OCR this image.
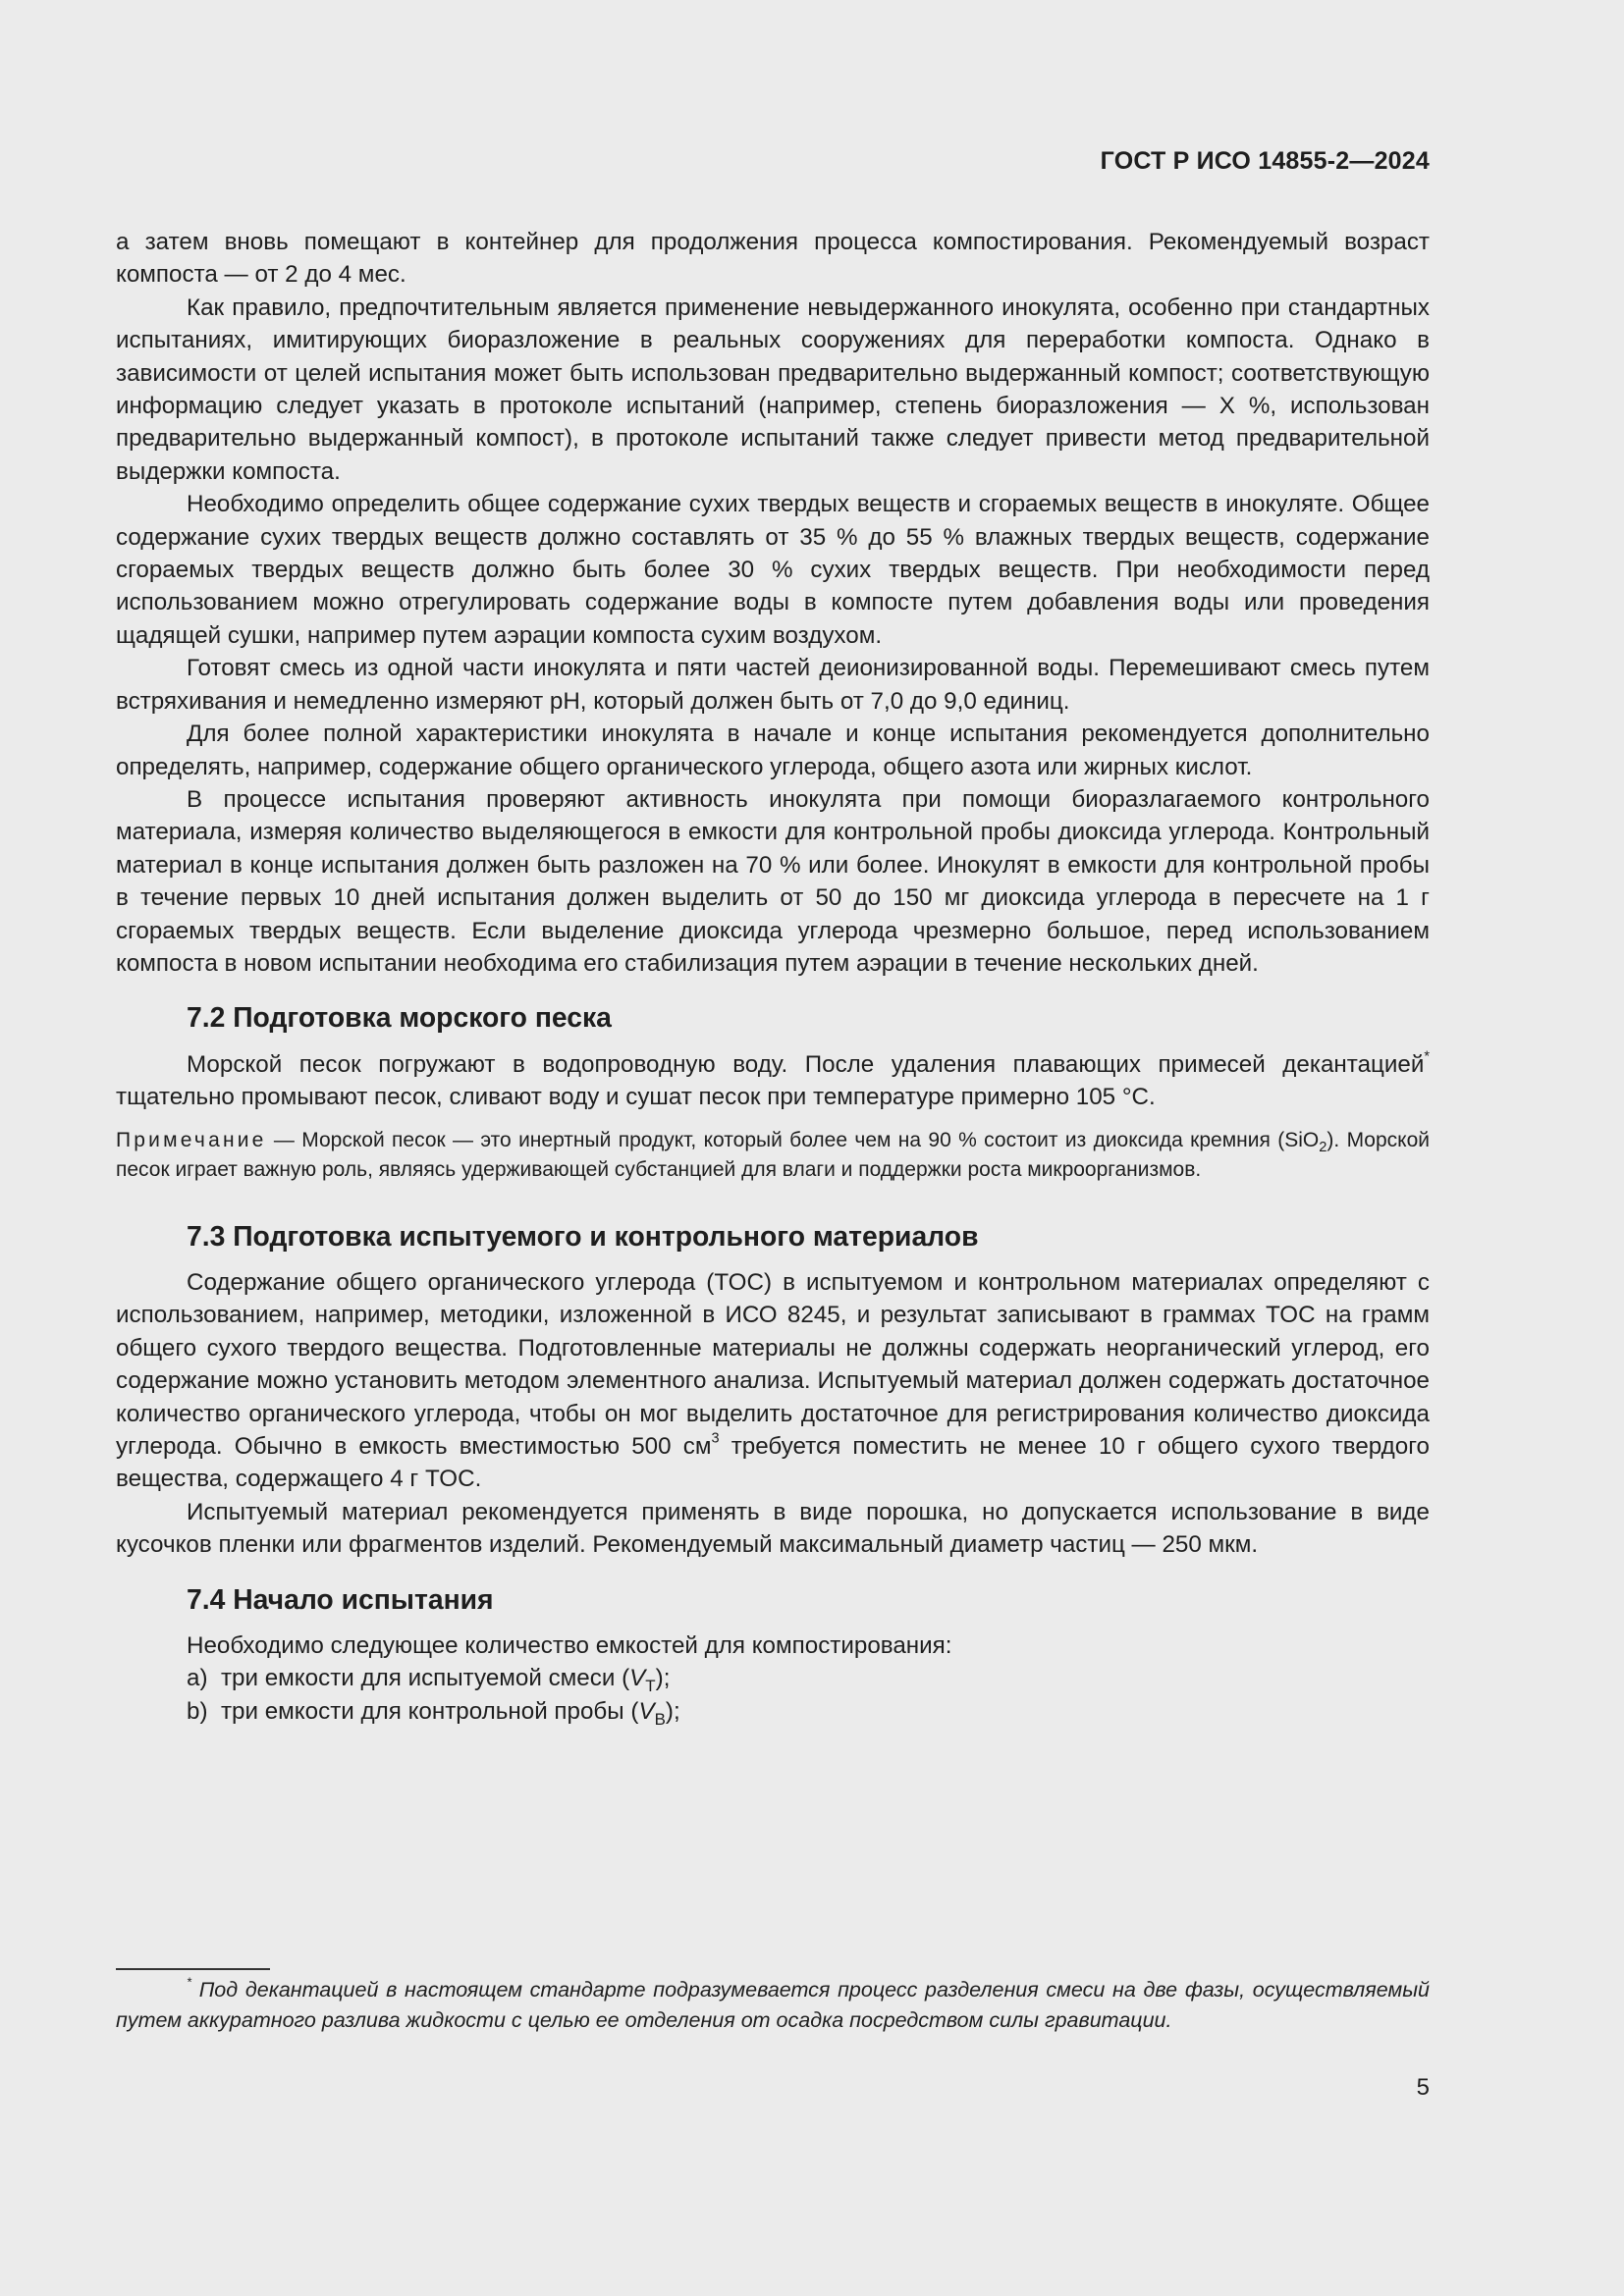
ГОСТ Р ИСО 14855-2—2024

а затем вновь помещают в контейнер для продолжения процесса компостирования. Рекомендуемый возраст компоста — от 2 до 4 мес.

Как правило, предпочтительным является применение невыдержанного инокулята, особенно при стандартных испытаниях, имитирующих биоразложение в реальных сооружениях для переработки компоста. Однако в зависимости от целей испытания может быть использован предварительно выдержанный компост; соответствующую информацию следует указать в протоколе испытаний (например, степень биоразложения — X %, использован предварительно выдержанный компост), в протоколе испытаний также следует привести метод предварительной выдержки компоста.

Необходимо определить общее содержание сухих твердых веществ и сгораемых веществ в инокуляте. Общее содержание сухих твердых веществ должно составлять от 35 % до 55 % влажных твердых веществ, содержание сгораемых твердых веществ должно быть более 30 % сухих твердых веществ. При необходимости перед использованием можно отрегулировать содержание воды в компосте путем добавления воды или проведения щадящей сушки, например путем аэрации компоста сухим воздухом.

Готовят смесь из одной части инокулята и пяти частей деионизированной воды. Перемешивают смесь путем встряхивания и немедленно измеряют pH, который должен быть от 7,0 до 9,0 единиц.

Для более полной характеристики инокулята в начале и конце испытания рекомендуется дополнительно определять, например, содержание общего органического углерода, общего азота или жирных кислот.

В процессе испытания проверяют активность инокулята при помощи биоразлагаемого контрольного материала, измеряя количество выделяющегося в емкости для контрольной пробы диоксида углерода. Контрольный материал в конце испытания должен быть разложен на 70 % или более. Инокулят в емкости для контрольной пробы в течение первых 10 дней испытания должен выделить от 50 до 150 мг диоксида углерода в пересчете на 1 г сгораемых твердых веществ. Если выделение диоксида углерода чрезмерно большое, перед использованием компоста в новом испытании необходима его стабилизация путем аэрации в течение нескольких дней.

7.2 Подготовка морского песка

Морской песок погружают в водопроводную воду. После удаления плавающих примесей декантацией* тщательно промывают песок, сливают воду и сушат песок при температуре примерно 105 °C.

Примечание — Морской песок — это инертный продукт, который более чем на 90 % состоит из диоксида кремния (SiO$_2$). Морской песок играет важную роль, являясь удерживающей субстанцией для влаги и поддержки роста микроорганизмов.

7.3 Подготовка испытуемого и контрольного материалов

Содержание общего органического углерода (TOC) в испытуемом и контрольном материалах определяют с использованием, например, методики, изложенной в ИСО 8245, и результат записывают в граммах TOC на грамм общего сухого твердого вещества. Подготовленные материалы не должны содержать неорганический углерод, его содержание можно установить методом элементного анализа. Испытуемый материал должен содержать достаточное количество органического углерода, чтобы он мог выделить достаточное для регистрирования количество диоксида углерода. Обычно в емкость вместимостью 500 $см^3$ требуется поместить не менее 10 г общего сухого твердого вещества, содержащего 4 г TOC.

Испытуемый материал рекомендуется применять в виде порошка, но допускается использование в виде кусочков пленки или фрагментов изделий. Рекомендуемый максимальный диаметр частиц — 250 мкм.

7.4 Начало испытания

Необходимо следующее количество емкостей для компостирования:

a) три емкости для испытуемой смеси $(V_T)$;

b) три емкости для контрольной пробы $(V_B)$;

* Под декантацией в настоящем стандарте подразумевается процесс разделения смеси на две фазы, осуществляемый путем аккуратного разлива жидкости с целью ее отделения от осадка посредством силы гравитации.

5
